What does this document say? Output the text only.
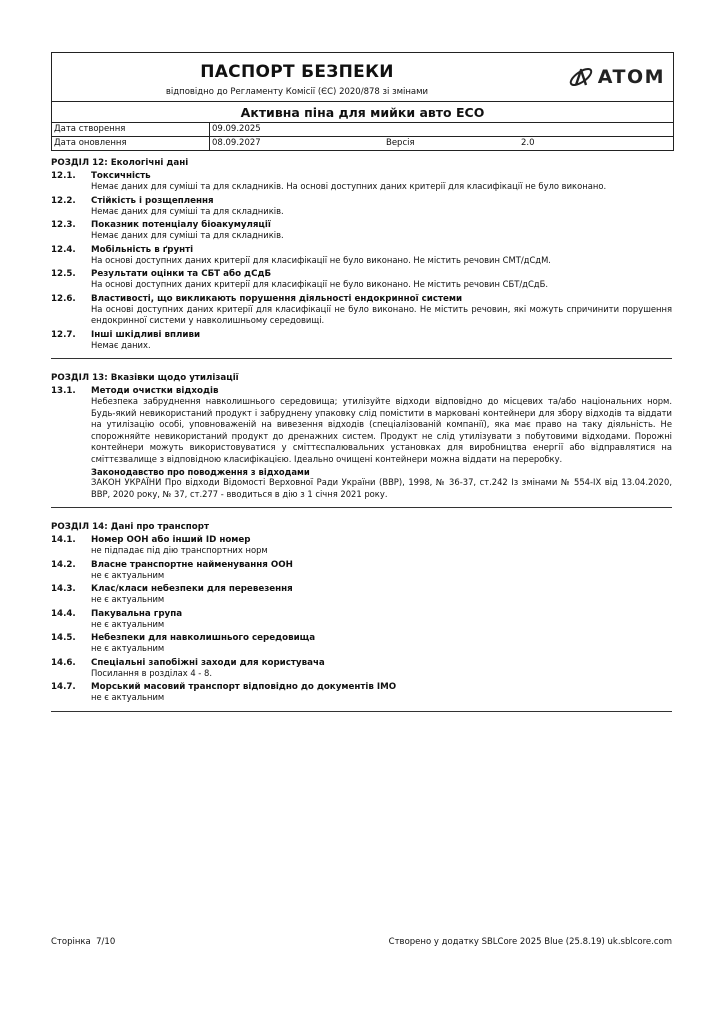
ПАСПОРТ БЕЗПЕКИ
відповідно до Регламенту Комісії (ЄС) 2020/878 зі змінами
ATOM
Активна піна для мийки авто ECO
Дата створення	09.09.2025
Дата оновлення	08.09.2027	Версія	2.0
РОЗДІЛ 12: Екологічні дані
12.1.	Токсичність
Немає даних для суміші та для складників. На основі доступних даних критерії для класифікації не було виконано.
12.2.	Стійкість і розщеплення
Немає даних для суміші та для складників.
12.3.	Показник потенціалу біоакумуляції
Немає даних для суміші та для складників.
12.4.	Мобільність в ґрунті
На основі доступних даних критерії для класифікації не було виконано. Не містить речовин СМТ/дСдМ.
12.5.	Результати оцінки та СБТ або дСдБ
На основі доступних даних критерії для класифікації не було виконано. Не містить речовин СБТ/дСдБ.
12.6.	Властивості, що викликають порушення діяльності ендокринної системи
На основі доступних даних критерії для класифікації не було виконано. Не містить речовин, які можуть спричинити порушення ендокринної системи у навколишньому середовищі.
12.7.	Інші шкідливі впливи
Немає даних.
РОЗДІЛ 13: Вказівки щодо утилізації
13.1.	Методи очистки відходів
Небезпека забруднення навколишнього середовища; утилізуйте відходи відповідно до місцевих та/або національних норм. Будь-який невикористаний продукт і забруднену упаковку слід помістити в марковані контейнери для збору відходів та віддати на утилізацію особі, уповноваженій на вивезення відходів (спеціалізованій компанії), яка має право на таку діяльність. Не спорожняйте невикористаний продукт до дренажних систем. Продукт не слід утилізувати з побутовими відходами. Порожні контейнери можуть використовуватися у сміттєспалювальних установках для виробництва енергії або відправлятися на сміттєзвалище з відповідною класифікацією. Ідеально очищені контейнери можна віддати на переробку.
Законодавство про поводження з відходами
ЗАКОН УКРАЇНИ Про відходи Відомості Верховної Ради України (ВВР), 1998, № 36-37, ст.242 Із змінами № 554-IX від 13.04.2020, ВВР, 2020 року, № 37, ст.277 - вводиться в дію з 1 січня 2021 року.
РОЗДІЛ 14: Дані про транспорт
14.1.	Номер ООН або інший ID номер
не підпадає під дію транспортних норм
14.2.	Власне транспортне найменування ООН
не є актуальним
14.3.	Клас/класи небезпеки для перевезення
не є актуальним
14.4.	Пакувальна група
не є актуальним
14.5.	Небезпеки для навколишнього середовища
не є актуальним
14.6.	Спеціальні запобіжні заходи для користувача
Посилання в розділах 4 - 8.
14.7.	Морський масовий транспорт відповідно до документів IMO
не є актуальним
Сторінка  7/10	Створено у додатку SBLCore 2025 Blue (25.8.19) uk.sblcore.com
